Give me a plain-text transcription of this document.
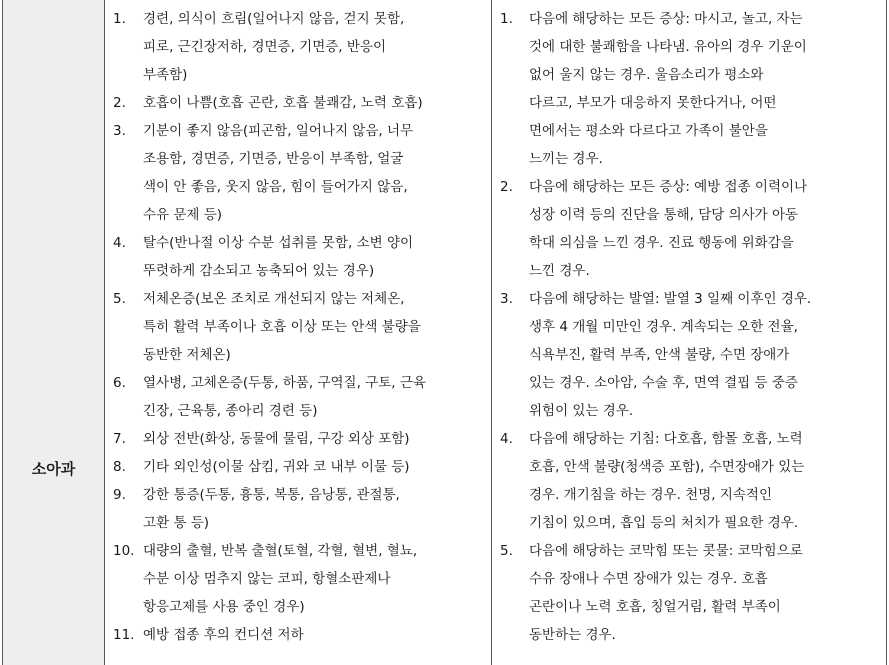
소아과
1.	경련, 의식이 흐림(일어나지 않음, 걷지 못함,
피로, 근긴장저하, 경면증, 기면증, 반응이
부족함)
2.	호흡이 나쁨(호흡 곤란, 호흡 불쾌감, 노력 호흡)
3.	기분이 좋지 않음(피곤함, 일어나지 않음, 너무
조용함, 경면증, 기면증, 반응이 부족함, 얼굴
색이 안 좋음, 웃지 않음, 힘이 들어가지 않음,
수유 문제 등)
4.	탈수(반나절 이상 수분 섭취를 못함, 소변 양이
뚜렷하게 감소되고 농축되어 있는 경우)
5.	저체온증(보온 조치로 개선되지 않는 저체온,
특히 활력 부족이나 호흡 이상 또는 안색 불량을
동반한 저체온)
6.	열사병, 고체온증(두통, 하품, 구역질, 구토, 근육
긴장, 근육통, 종아리 경련 등)
7.	외상 전반(화상, 동물에 물림, 구강 외상 포함)
8.	기타 외인성(이물 삼킴, 귀와 코 내부 이물 등)
9.	강한 통증(두통, 흉통, 복통, 음낭통, 관절통,
고환 통 등)
10. 대량의 출혈, 반복 출혈(토혈, 각혈, 혈변, 혈뇨,
수분 이상 멈추지 않는 코피, 항혈소판제나
항응고제를 사용 중인 경우)
11. 예방 접종 후의 컨디션 저하
1.	다음에 해당하는 모든 증상: 마시고, 놀고, 자는
것에 대한 불쾌함을 나타냄. 유아의 경우 기운이
없어 울지 않는 경우. 울음소리가 평소와
다르고, 부모가 대응하지 못한다거나, 어떤
면에서는 평소와 다르다고 가족이 불안을
느끼는 경우.
2.	다음에 해당하는 모든 증상: 예방 접종 이력이나
성장 이력 등의 진단을 통해, 담당 의사가 아동
학대 의심을 느낀 경우. 진료 행동에 위화감을
느낀 경우.
3.	다음에 해당하는 발열: 발열 3 일째 이후인 경우.
생후 4 개월 미만인 경우. 계속되는 오한 전율,
식욕부진, 활력 부족, 안색 불량, 수면 장애가
있는 경우. 소아암, 수술 후, 면역 결핍 등 중증
위험이 있는 경우.
4.	다음에 해당하는 기침: 다호흡, 함몰 호흡, 노력
호흡, 안색 불량(청색증 포함), 수면장애가 있는
경우. 개기침을 하는 경우. 천명, 지속적인
기침이 있으며, 흡입 등의 처치가 필요한 경우.
5.	다음에 해당하는 코막힘 또는 콧물: 코막힘으로
수유 장애나 수면 장애가 있는 경우. 호흡
곤란이나 노력 호흡, 칭얼거림, 활력 부족이
동반하는 경우.
